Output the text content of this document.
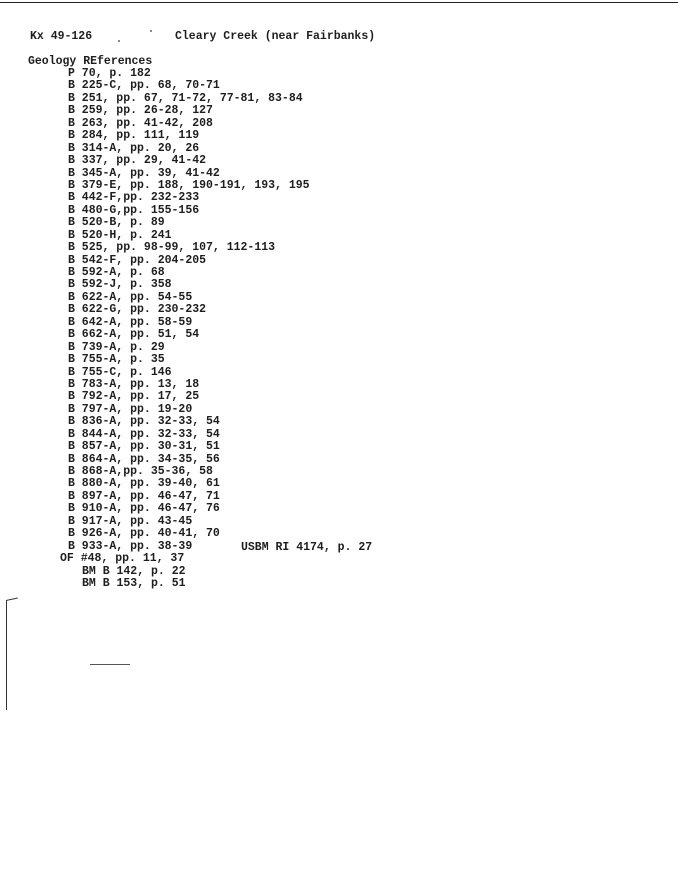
Kx 49-126	Cleary Creek (near Fairbanks)
Geology REferences
P 70, p. 182
B 225-C, pp. 68, 70-71
B 251, pp. 67, 71-72, 77-81, 83-84
B 259, pp. 26-28, 127
B 263, pp. 41-42, 208
B 284, pp. 111, 119
B 314-A, pp. 20, 26
B 337, pp. 29, 41-42
B 345-A, pp. 39, 41-42
B 379-E, pp. 188, 190-191, 193, 195
B 442-F,pp. 232-233
B 480-G,pp. 155-156
B 520-B, p. 89
B 520-H, p. 241
B 525, pp. 98-99, 107, 112-113
B 542-F, pp. 204-205
B 592-A, p. 68
B 592-J, p. 358
B 622-A, pp. 54-55
B 622-G, pp. 230-232
B 642-A, pp. 58-59
B 662-A, pp. 51, 54
B 739-A, p. 29
B 755-A, p. 35
B 755-C, p. 146
B 783-A, pp. 13, 18
B 792-A, pp. 17, 25
B 797-A, pp. 19-20
B 836-A, pp. 32-33, 54
B 844-A, pp. 32-33, 54
B 857-A, pp. 30-31, 51
B 864-A, pp. 34-35, 56
B 868-A,pp. 35-36, 58
B 880-A, pp. 39-40, 61
B 897-A, pp. 46-47, 71
B 910-A, pp. 46-47, 76
B 917-A, pp. 43-45
B 926-A, pp. 40-41, 70
B 933-A, pp. 38-39
OF #48, pp. 11, 37
BM B 142, p. 22
BM B 153, p. 51
USBM RI 4174, p. 27
